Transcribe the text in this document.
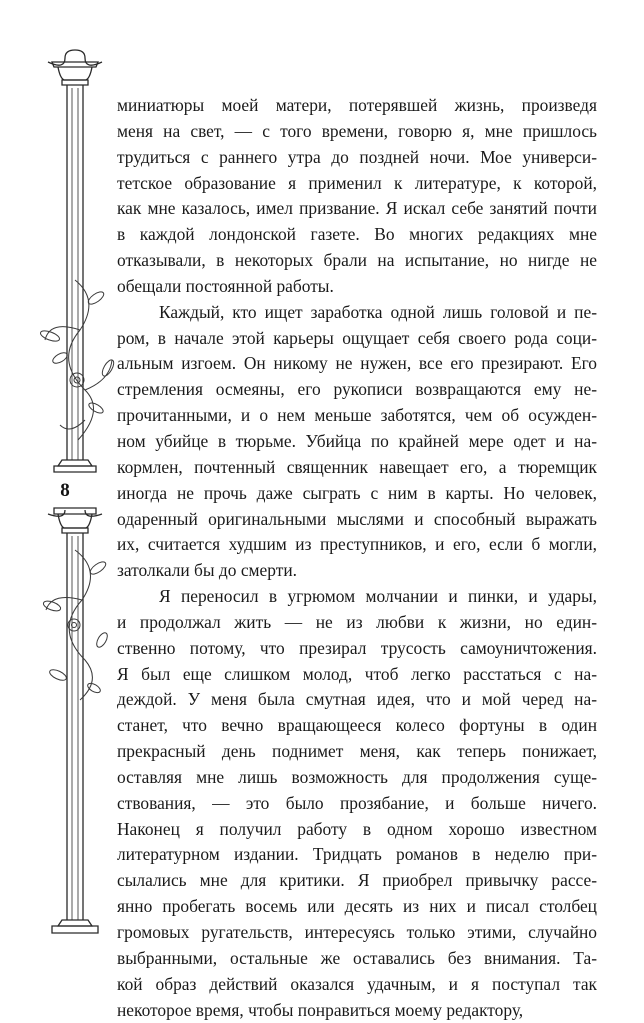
8
миниатюры моей матери, потерявшей жизнь, произведя
меня на свет, — с того времени, говорю я, мне пришлось
трудиться с раннего утра до поздней ночи. Мое универси-
тетское образование я применил к литературе, к которой,
как мне казалось, имел призвание. Я искал себе занятий почти
в каждой лондонской газете. Во многих редакциях мне
отказывали, в некоторых брали на испытание, но нигде не
обещали постоянной работы.
Каждый, кто ищет заработка одной лишь головой и пе-
ром, в начале этой карьеры ощущает себя своего рода соци-
альным изгоем. Он никому не нужен, все его презирают. Его
стремления осмеяны, его рукописи возвращаются ему не-
прочитанными, и о нем меньше заботятся, чем об осужден-
ном убийце в тюрьме. Убийца по крайней мере одет и на-
кормлен, почтенный священник навещает его, а тюремщик
иногда не прочь даже сыграть с ним в карты. Но человек,
одаренный оригинальными мыслями и способный выражать
их, считается худшим из преступников, и его, если б могли,
затолкали бы до смерти.
Я переносил в угрюмом молчании и пинки, и удары,
и продолжал жить — не из любви к жизни, но един-
ственно потому, что презирал трусость самоуничтожения.
Я был еще слишком молод, чтоб легко расстаться с на-
деждой. У меня была смутная идея, что и мой черед на-
станет, что вечно вращающееся колесо фортуны в один
прекрасный день поднимет меня, как теперь понижает,
оставляя мне лишь возможность для продолжения суще-
ствования, — это было прозябание, и больше ничего.
Наконец я получил работу в одном хорошо известном
литературном издании. Тридцать романов в неделю при-
сылались мне для критики. Я приобрел привычку рассе-
янно пробегать восемь или десять из них и писал столбец
громовых ругательств, интересуясь только этими, случайно
выбранными, остальные же оставались без внимания. Та-
кой образ действий оказался удачным, и я поступал так
некоторое время, чтобы понравиться моему редактору,
